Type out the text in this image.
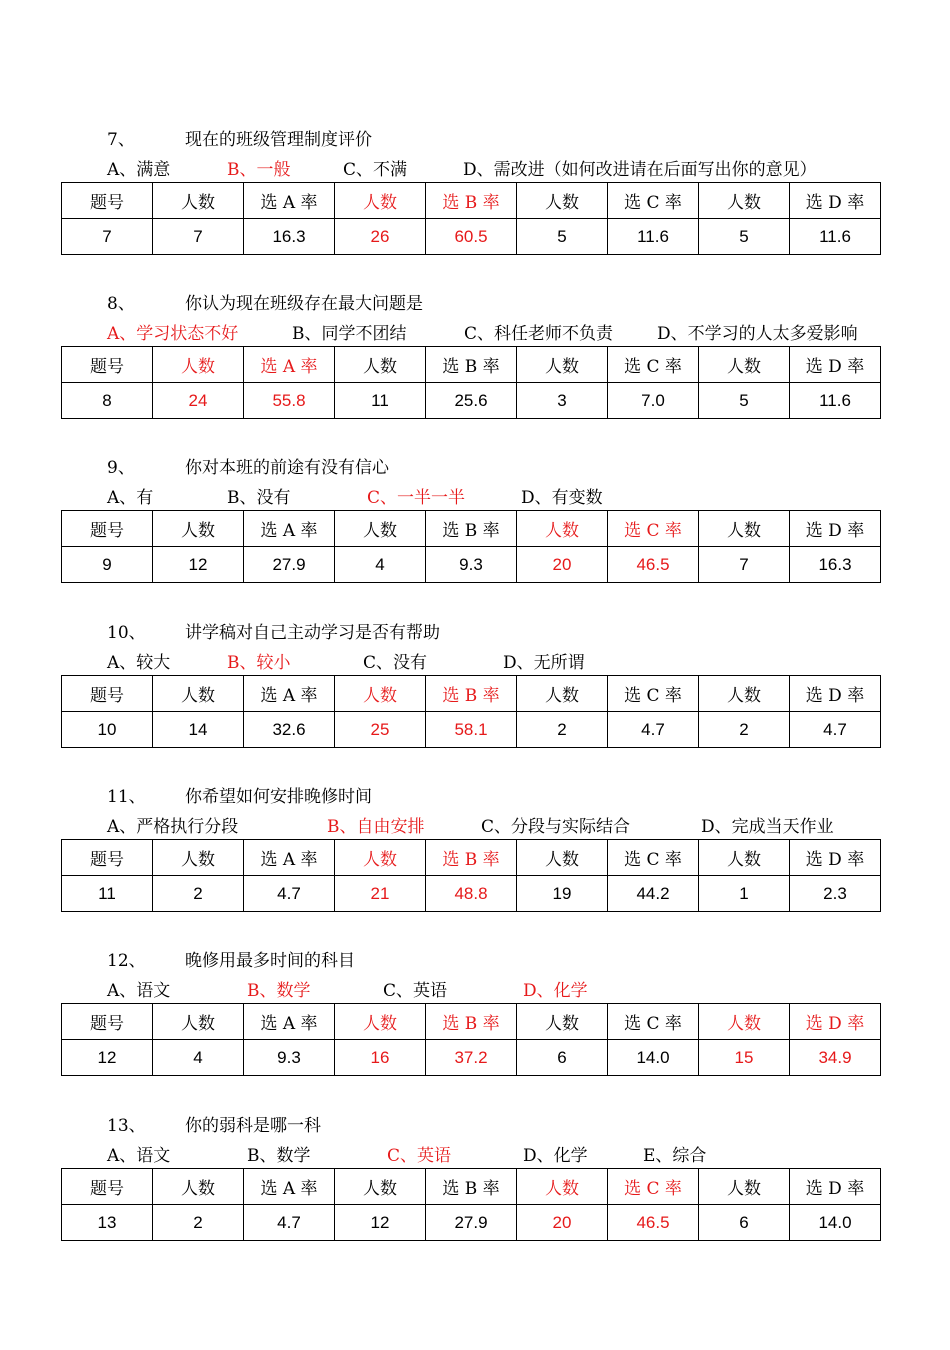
7、	现在的班级管理制度评价
A、满意	B、一般	C、不满	D、需改进（如何改进请在后面写出你的意见）
题号	人数	选 A 率	人数	选 B 率	人数	选 C 率	人数	选 D 率
7	7	16.3	26	60.5	5	11.6	5	11.6
8、	你认为现在班级存在最大问题是
A、学习状态不好	B、同学不团结	C、科任老师不负责	D、不学习的人太多爱影响
题号	人数	选 A 率	人数	选 B 率	人数	选 C 率	人数	选 D 率
8	24	55.8	11	25.6	3	7.0	5	11.6
9、	你对本班的前途有没有信心
A、有	B、没有	C、一半一半	D、有变数
题号	人数	选 A 率	人数	选 B 率	人数	选 C 率	人数	选 D 率
9	12	27.9	4	9.3	20	46.5	7	16.3
10、 讲学稿对自己主动学习是否有帮助
A、较大	B、较小	C、没有	D、无所谓
题号	人数	选 A 率	人数	选 B 率	人数	选 C 率	人数	选 D 率
10	14	32.6	25	58.1	2	4.7	2	4.7
11、 你希望如何安排晚修时间
A、严格执行分段	B、自由安排	C、分段与实际结合	D、完成当天作业
题号	人数	选 A 率	人数	选 B 率	人数	选 C 率	人数	选 D 率
11	2	4.7	21	48.8	19	44.2	1	2.3
12、 晚修用最多时间的科目
A、语文	B、数学	C、英语	D、化学
题号	人数	选 A 率	人数	选 B 率	人数	选 C 率	人数	选 D 率
12	4	9.3	16	37.2	6	14.0	15	34.9
13、 你的弱科是哪一科
A、语文	B、数学	C、英语	D、化学	E、综合
题号	人数	选 A 率	人数	选 B 率	人数	选 C 率	人数	选 D 率
13	2	4.7	12	27.9	20	46.5	6	14.0
